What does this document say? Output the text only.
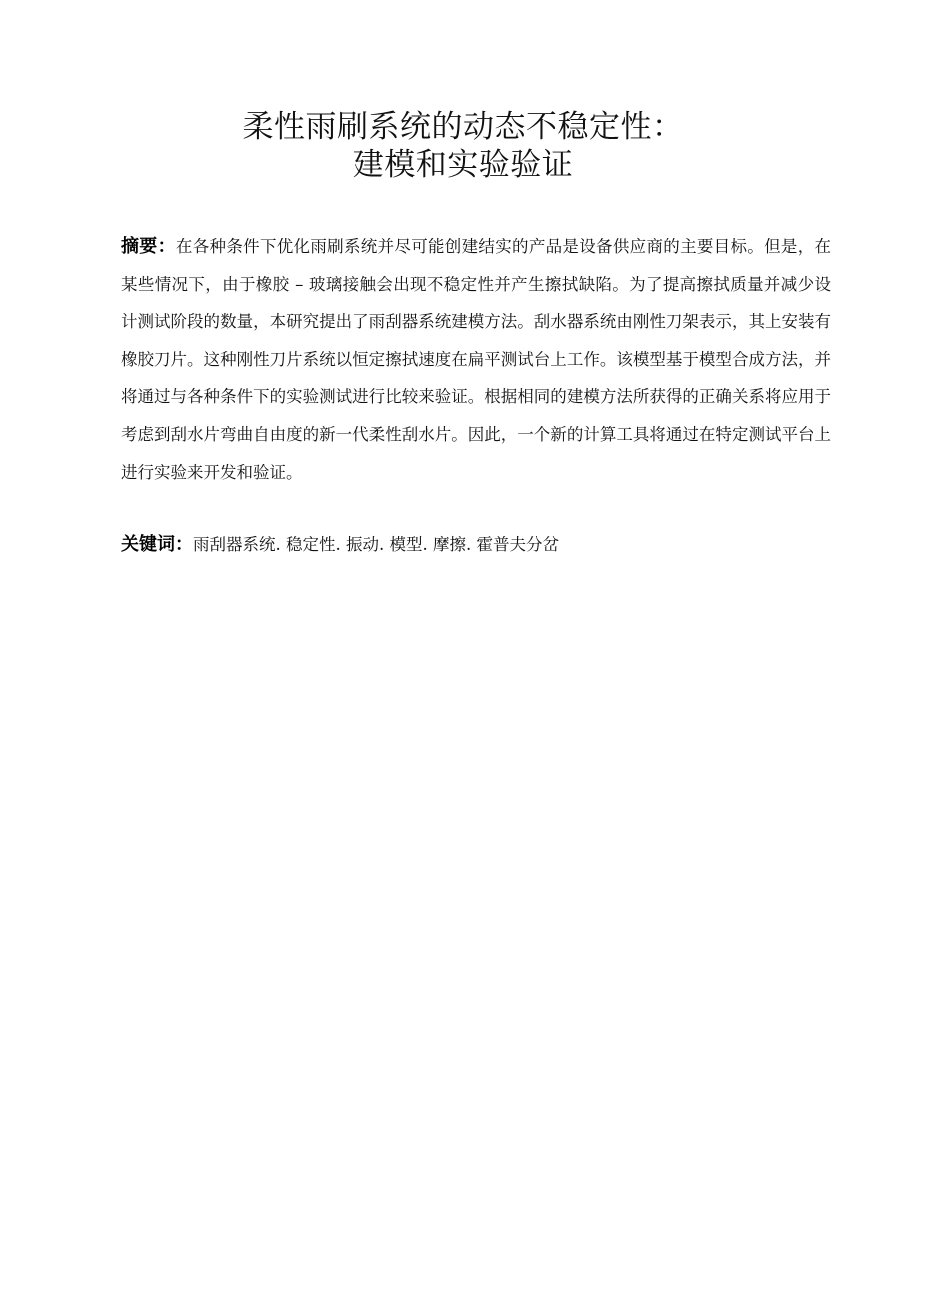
柔性雨刷系统的动态不稳定性：
建模和实验验证
摘要：在各种条件下优化雨刷系统并尽可能创建结实的产品是设备供应商的主要目标。但是，在某些情况下，由于橡胶 – 玻璃接触会出现不稳定性并产生擦拭缺陷。为了提高擦拭质量并减少设计测试阶段的数量，本研究提出了雨刮器系统建模方法。刮水器系统由刚性刀架表示，其上安装有橡胶刀片。这种刚性刀片系统以恒定擦拭速度在扁平测试台上工作。该模型基于模型合成方法，并将通过与各种条件下的实验测试进行比较来验证。根据相同的建模方法所获得的正确关系将应用于考虑到刮水片弯曲自由度的新一代柔性刮水片。因此，一个新的计算工具将通过在特定测试平台上进行实验来开发和验证。
关键词：雨刮器系统. 稳定性. 振动. 模型. 摩擦. 霍普夫分岔
